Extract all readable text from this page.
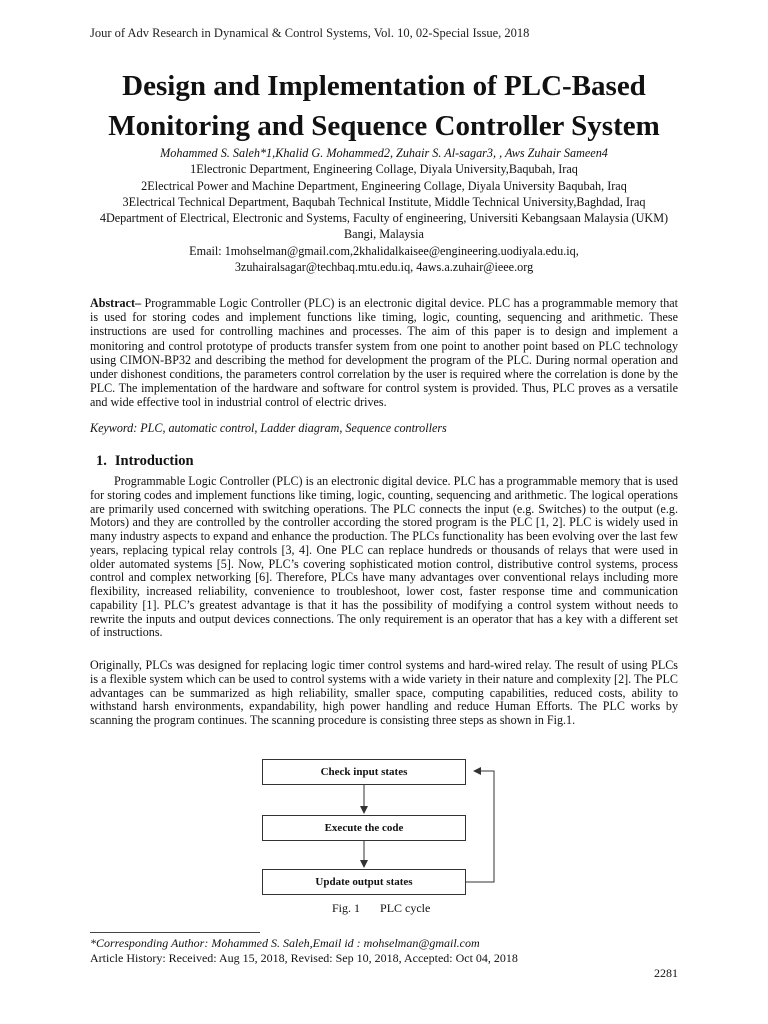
Jour of Adv Research in Dynamical & Control Systems, Vol. 10, 02-Special Issue, 2018
Design and Implementation of PLC-Based Monitoring and Sequence Controller System
Mohammed S. Saleh*1,Khalid G. Mohammed2, Zuhair S. Al-sagar3, , Aws Zuhair Sameen4
1Electronic Department, Engineering Collage, Diyala University,Baqubah, Iraq
2Electrical Power and Machine Department, Engineering Collage, Diyala University Baqubah, Iraq
3Electrical Technical Department, Baqubah Technical Institute, Middle Technical University,Baghdad, Iraq
4Department of Electrical, Electronic and Systems, Faculty of engineering, Universiti Kebangsaan Malaysia (UKM) Bangi, Malaysia
Email: 1mohselman@gmail.com,2khalidalkaisee@engineering.uodiyala.edu.iq,
3zuhairalsagar@techbaq.mtu.edu.iq, 4aws.a.zuhair@ieee.org
Abstract– Programmable Logic Controller (PLC) is an electronic digital device. PLC has a programmable memory that is used for storing codes and implement functions like timing, logic, counting, sequencing and arithmetic. These instructions are used for controlling machines and processes. The aim of this paper is to design and implement a monitoring and control prototype of products transfer system from one point to another point based on PLC technology using CIMON-BP32 and describing the method for development the program of the PLC. During normal operation and under dishonest conditions, the parameters control correlation by the user is required where the correlation is done by the PLC. The implementation of the hardware and software for control system is provided. Thus, PLC proves as a versatile and wide effective tool in industrial control of electric drives.
Keyword: PLC, automatic control, Ladder diagram, Sequence controllers
1. Introduction
Programmable Logic Controller (PLC) is an electronic digital device. PLC has a programmable memory that is used for storing codes and implement functions like timing, logic, counting, sequencing and arithmetic. The logical operations are primarily used concerned with switching operations. The PLC connects the input (e.g. Switches) to the output (e.g. Motors) and they are controlled by the controller according the stored program is the PLC [1, 2]. PLC is widely used in many industry aspects to expand and enhance the production. The PLCs functionality has been evolving over the last few years, replacing typical relay controls [3, 4]. One PLC can replace hundreds or thousands of relays that were used in older automated systems [5]. Now, PLC’s covering sophisticated motion control, distributive control systems, process control and complex networking [6]. Therefore, PLCs have many advantages over conventional relays including more flexibility, increased reliability, convenience to troubleshoot, lower cost, faster response time and communication capability [1]. PLC’s greatest advantage is that it has the possibility of modifying a control system without needs to rewrite the inputs and output devices connections. The only requirement is an operator that has a key with a different set of instructions.
Originally, PLCs was designed for replacing logic timer control systems and hard-wired relay. The result of using PLCs is a flexible system which can be used to control systems with a wide variety in their nature and complexity [2]. The PLC advantages can be summarized as high reliability, smaller space, computing capabilities, reduced costs, ability to withstand harsh environments, expandability, high power handling and reduce Human Efforts. The PLC works by scanning the program continues. The scanning procedure is consisting three steps as shown in Fig.1.
Check input states
Execute the code
Update output states
Fig. 1 PLC cycle
*Corresponding Author: Mohammed S. Saleh,Email id : mohselman@gmail.com
Article History: Received: Aug 15, 2018, Revised: Sep 10, 2018, Accepted: Oct 04, 2018
2281
